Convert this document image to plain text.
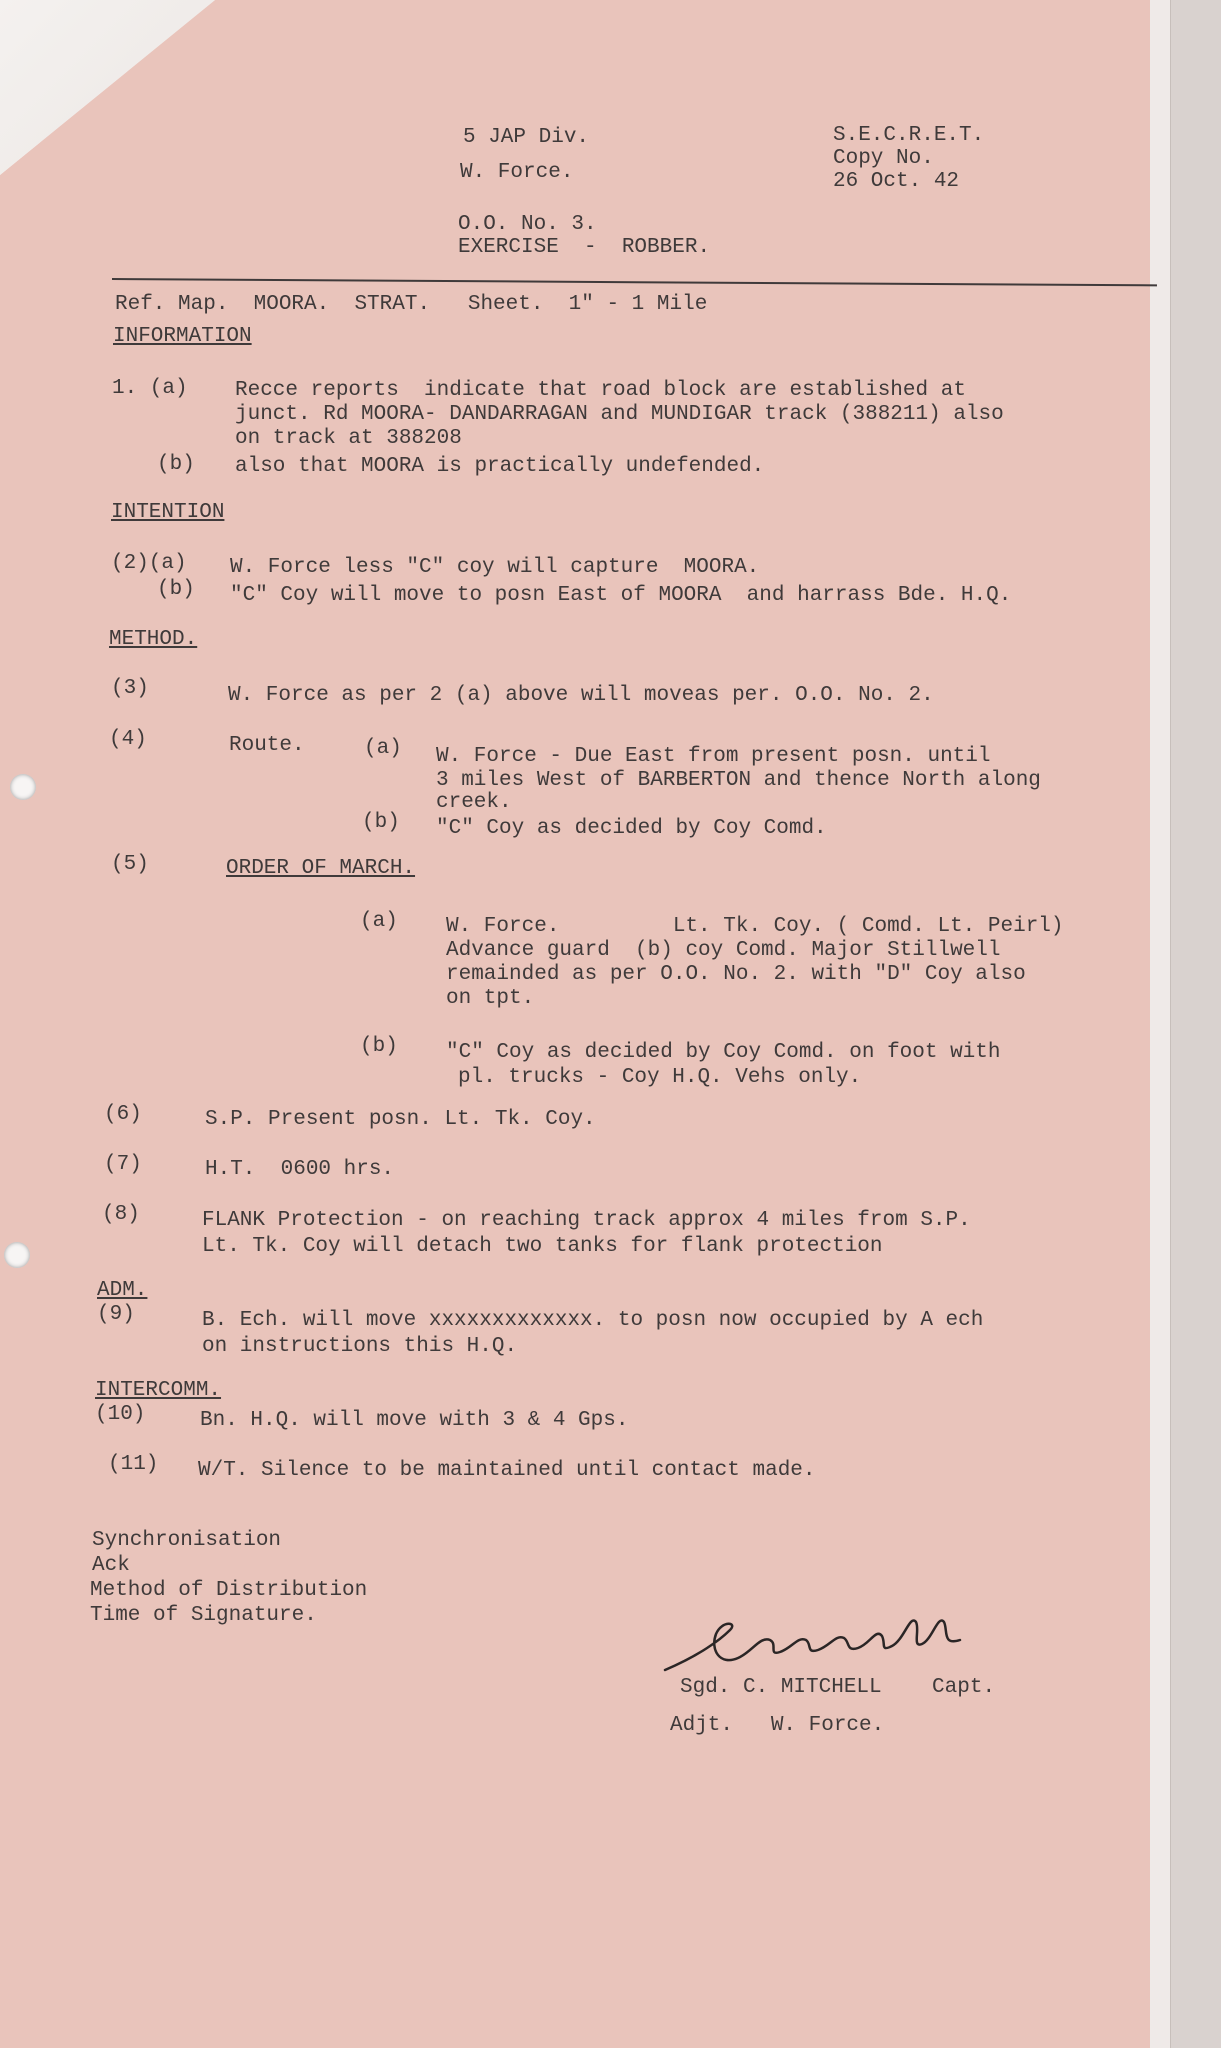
5 JAP Div.
W. Force.
S.E.C.R.E.T.
Copy No.
26 Oct. 42
O.O. No. 3.
EXERCISE  -  ROBBER.
Ref. Map.  MOORA.  STRAT.   Sheet.  1" - 1 Mile
INFORMATION
1. (a) Recce reports  indicate that road block are established at
junct. Rd MOORA- DANDARRAGAN and MUNDIGAR track (388211) also
on track at 388208
(b) also that MOORA is practically undefended.
INTENTION
(2)(a) W. Force less "C" coy will capture  MOORA.
(b) "C" Coy will move to posn East of MOORA  and harrass Bde. H.Q.
METHOD.
(3)	W. Force as per 2 (a) above will moveas per. O.O. No. 2.
(4)	Route.	(a) W. Force - Due East from present posn. until
3 miles West of BARBERTON and thence North along
creek.
(b) "C" Coy as decided by Coy Comd.
(5)	ORDER OF MARCH.
(a) W. Force.         Lt. Tk. Coy. ( Comd. Lt. Peirl)
Advance guard  (b) coy Comd. Major Stillwell
remainded as per O.O. No. 2. with "D" Coy also
on tpt.
(b) "C" Coy as decided by Coy Comd. on foot with
pl. trucks - Coy H.Q. Vehs only.
(6)	S.P. Present posn. Lt. Tk. Coy.
(7)	H.T.  0600 hrs.
(8)	FLANK Protection - on reaching track approx 4 miles from S.P.
Lt. Tk. Coy will detach two tanks for flank protection
ADM.
(9)	B. Ech. will move xxxxxxxxxxxxx. to posn now occupied by A ech
on instructions this H.Q.
INTERCOMM.
(10)	Bn. H.Q. will move with 3 & 4 Gps.
(11) W/T. Silence to be maintained until contact made.
Synchronisation
Ack
Method of Distribution
Time of Signature.
Sgd. C. MITCHELL    Capt.
Adjt.   W. Force.
